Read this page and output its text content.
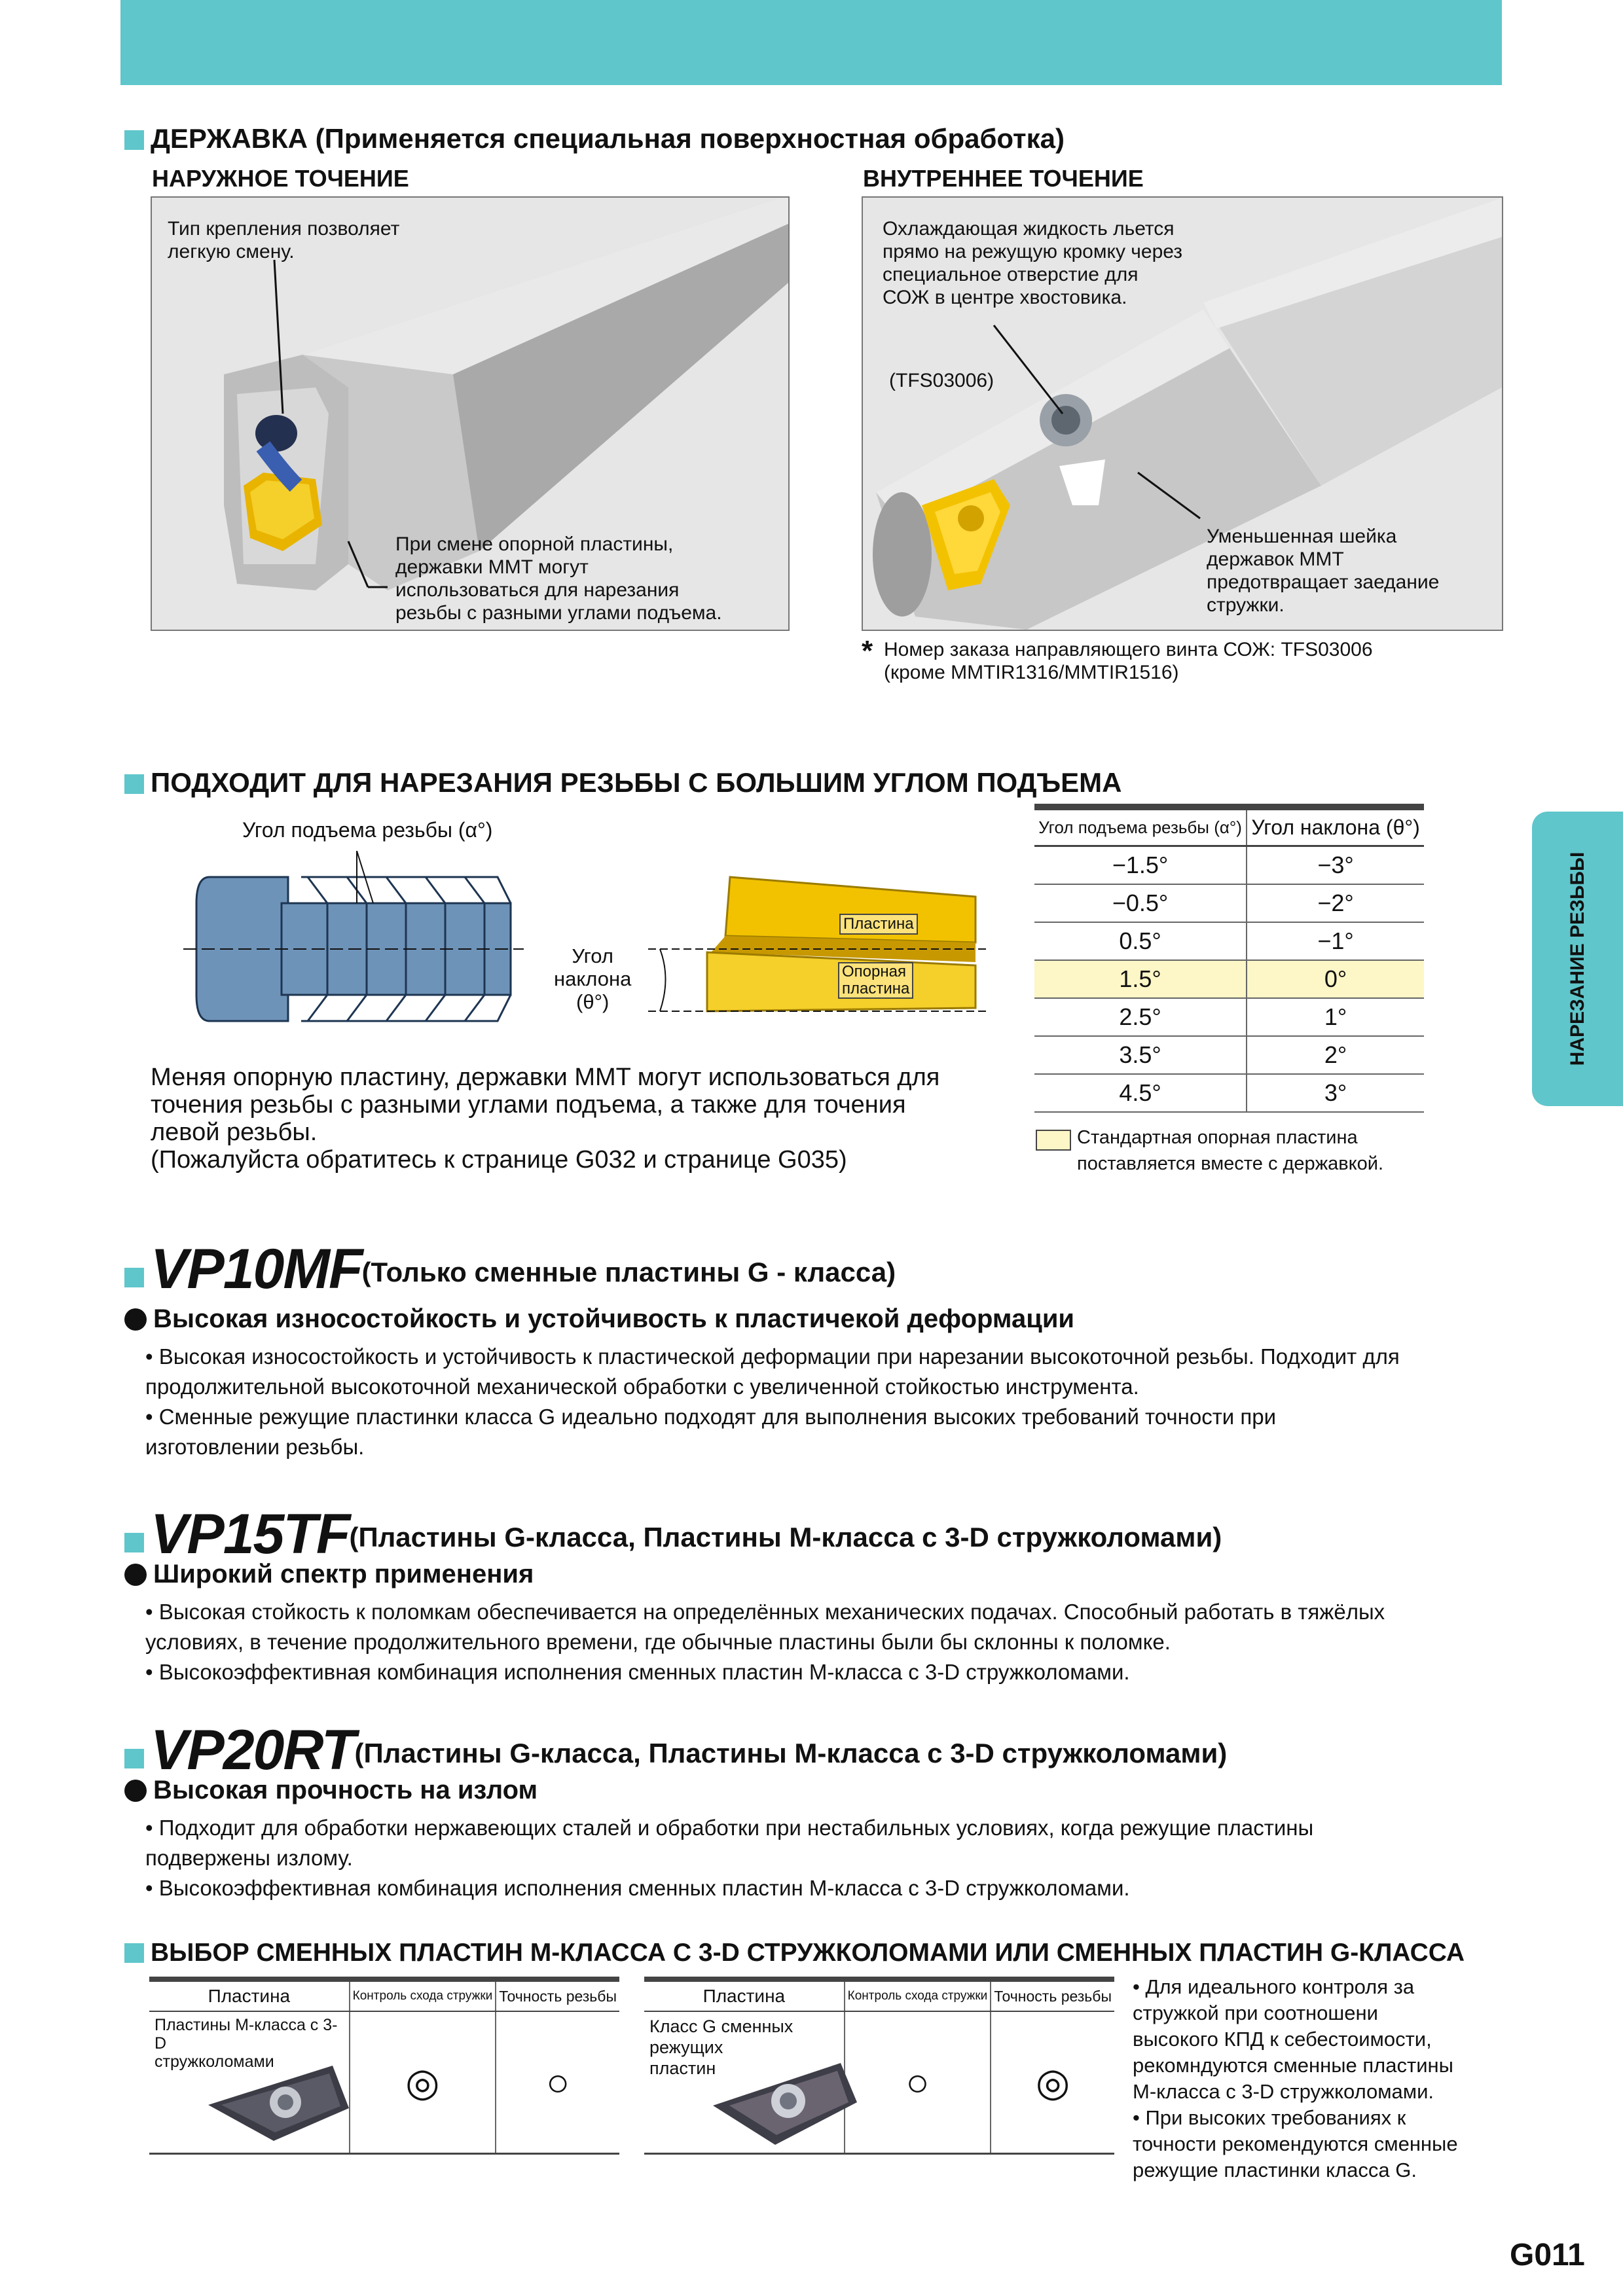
ДЕРЖАВКА (Применяется специальная поверхностная обработка)
НАРУЖНОЕ ТОЧЕНИЕ	ВНУТРЕННЕЕ ТОЧЕНИЕ
Тип крепления позволяет
легкую смену.
При смене опорной пластины,
державки MMT могут
использоваться для нарезания
резьбы с разными углами подъема.
Охлаждающая жидкость льется
прямо на режущую кромку через
специальное отверстие для
СОЖ в центре хвостовика.
(TFS03006)
Уменьшенная шейка
державок MMT
предотвращает заедание
стружки.
* Номер заказа направляющего винта СОЖ: TFS03006
(кроме MMTIR1316/MMTIR1516)
ПОДХОДИТ ДЛЯ НАРЕЗАНИЯ РЕЗЬБЫ С БОЛЬШИМ УГЛОМ ПОДЪЕМА
Угол подъема резьбы (α°)
Угол
наклона
(θ°)
Пластина
Опорная
пластина
Меняя опорную пластину, державки MMT могут использоваться для
точения резьбы с разными углами подъема, а также для точения
левой резьбы.
(Пожалуйста обратитесь к странице G032 и странице G035)
Угол подъема резьбы (α°)	Угол наклона (θ°)
−1.5°	−3°
−0.5°	−2°
0.5°	−1°
1.5°	0°
2.5°	1°
3.5°	2°
4.5°	3°
Стандартная опорная пластина
поставляется вместе с державкой.
НАРЕЗАНИЕ РЕЗЬБЫ
VP10MF(Только сменные пластины G - класса)
Высокая износостойкость и устойчивость к пластичекой деформации
• Высокая износостойкость и устойчивость к пластической деформации при нарезании высокоточной резьбы. Подходит для
продолжительной высокоточной механической обработки с увеличенной стойкостью инструмента.
• Сменные режущие пластинки класса G идеально подходят для выполнения высоких требований точности при
изготовлении резьбы.
VP15TF(Пластины G-класса, Пластины M-класса с 3-D стружколомами)
Широкий спектр применения
• Высокая стойкость к поломкам обеспечивается на определённых механических подачах. Способный работать в тяжёлых
условиях, в течение продолжительного времени, где обычные пластины были бы склонны к поломке.
• Высокоэффективная комбинация исполнения сменных пластин M-класса с 3-D стружколомами.
VP20RT(Пластины G-класса, Пластины M-класса с 3-D стружколомами)
Высокая прочность на излом
• Подходит для обработки нержавеющих сталей и обработки при нестабильных условиях, когда режущие пластины
подвержены излому.
• Высокоэффективная комбинация исполнения сменных пластин M-класса с 3-D стружколомами.
ВЫБОР СМЕННЫХ ПЛАСТИН M-КЛАССА С 3-D СТРУЖКОЛОМАМИ ИЛИ СМЕННЫХ ПЛАСТИН G-КЛАССА
Пластина	Контроль схода стружки	Точность резьбы

Пластины M-класса с 3-D
стружколомами	◎	○
Пластина	Контроль схода стружки	Точность резьбы

Класс G сменных режущих
пластин	○	◎
• Для идеального контроля за
стружкой при соотношени
высокого КПД к себестоимости,
рекомндуются сменные пластины
M-класса с 3-D стружколомами.
• При высоких требованиях к
точности рекомендуются сменные
режущие пластинки класса G.
G011
